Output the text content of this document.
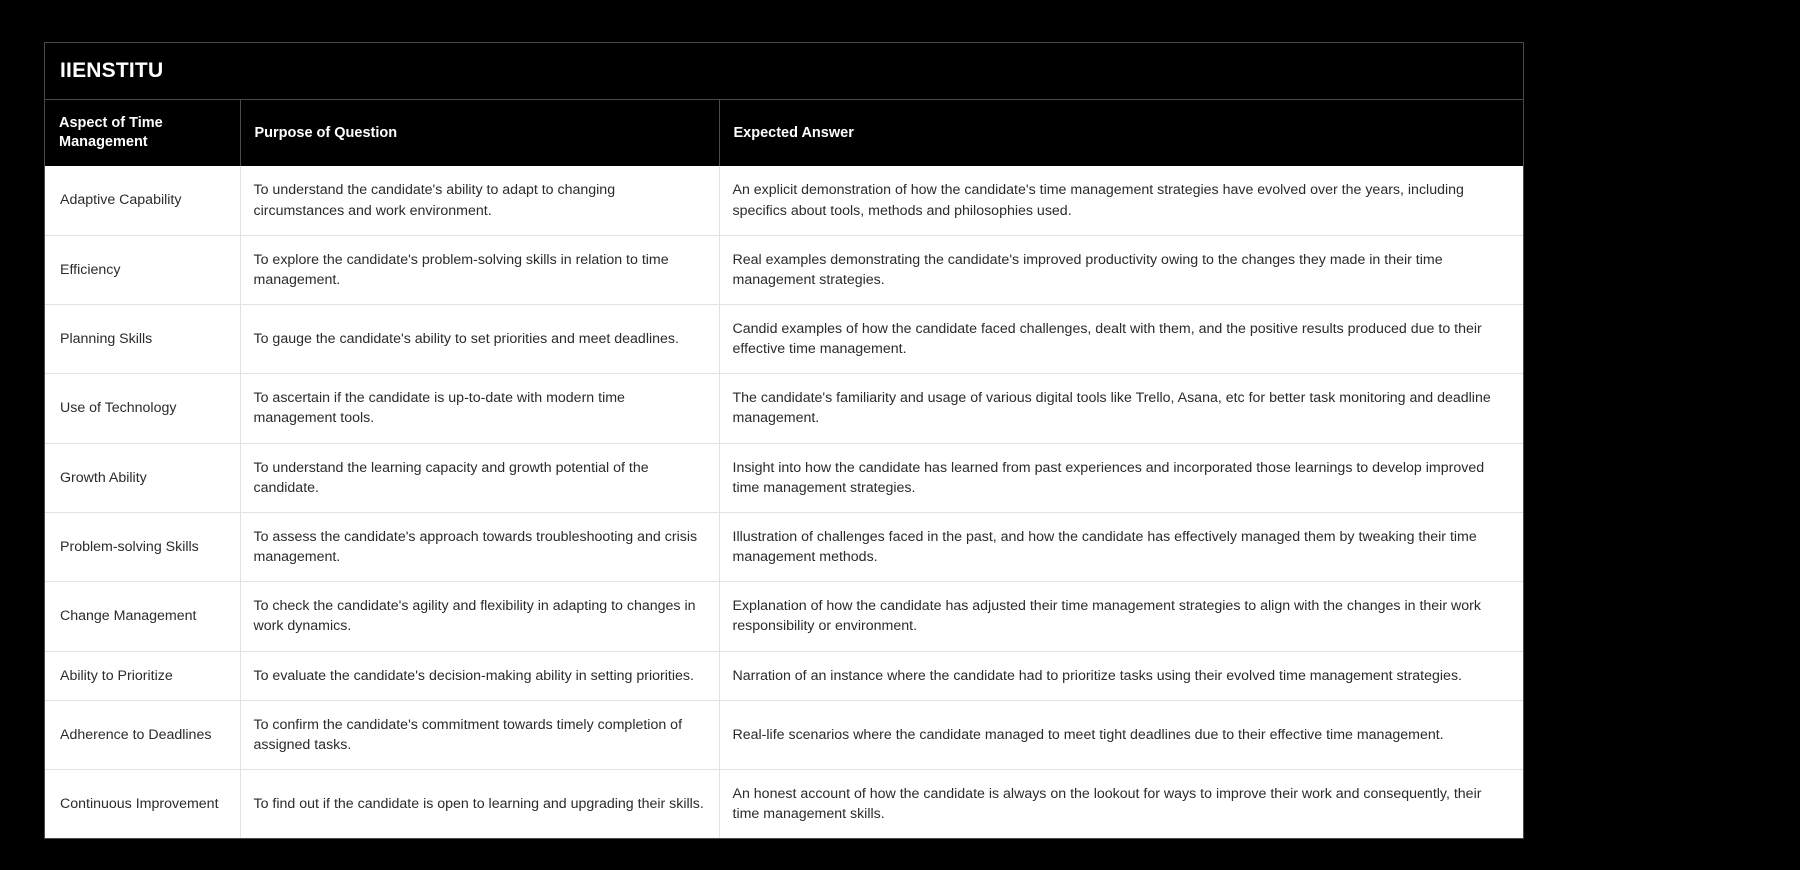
IIENSTITU
Aspect of Time Management	Purpose of Question	Expected Answer
Adaptive Capability	To understand the candidate's ability to adapt to changing circumstances and work environment.	An explicit demonstration of how the candidate's time management strategies have evolved over the years, including specifics about tools, methods and philosophies used.
Efficiency	To explore the candidate's problem-solving skills in relation to time management.	Real examples demonstrating the candidate's improved productivity owing to the changes they made in their time management strategies.
Planning Skills	To gauge the candidate's ability to set priorities and meet deadlines.	Candid examples of how the candidate faced challenges, dealt with them, and the positive results produced due to their effective time management.
Use of Technology	To ascertain if the candidate is up-to-date with modern time management tools.	The candidate's familiarity and usage of various digital tools like Trello, Asana, etc for better task monitoring and deadline management.
Growth Ability	To understand the learning capacity and growth potential of the candidate.	Insight into how the candidate has learned from past experiences and incorporated those learnings to develop improved time management strategies.
Problem-solving Skills	To assess the candidate's approach towards troubleshooting and crisis management.	Illustration of challenges faced in the past, and how the candidate has effectively managed them by tweaking their time management methods.
Change Management	To check the candidate's agility and flexibility in adapting to changes in work dynamics.	Explanation of how the candidate has adjusted their time management strategies to align with the changes in their work responsibility or environment.
Ability to Prioritize	To evaluate the candidate's decision-making ability in setting priorities.	Narration of an instance where the candidate had to prioritize tasks using their evolved time management strategies.
Adherence to Deadlines	To confirm the candidate's commitment towards timely completion of assigned tasks.	Real-life scenarios where the candidate managed to meet tight deadlines due to their effective time management.
Continuous Improvement	To find out if the candidate is open to learning and upgrading their skills.	An honest account of how the candidate is always on the lookout for ways to improve their work and consequently, their time management skills.
